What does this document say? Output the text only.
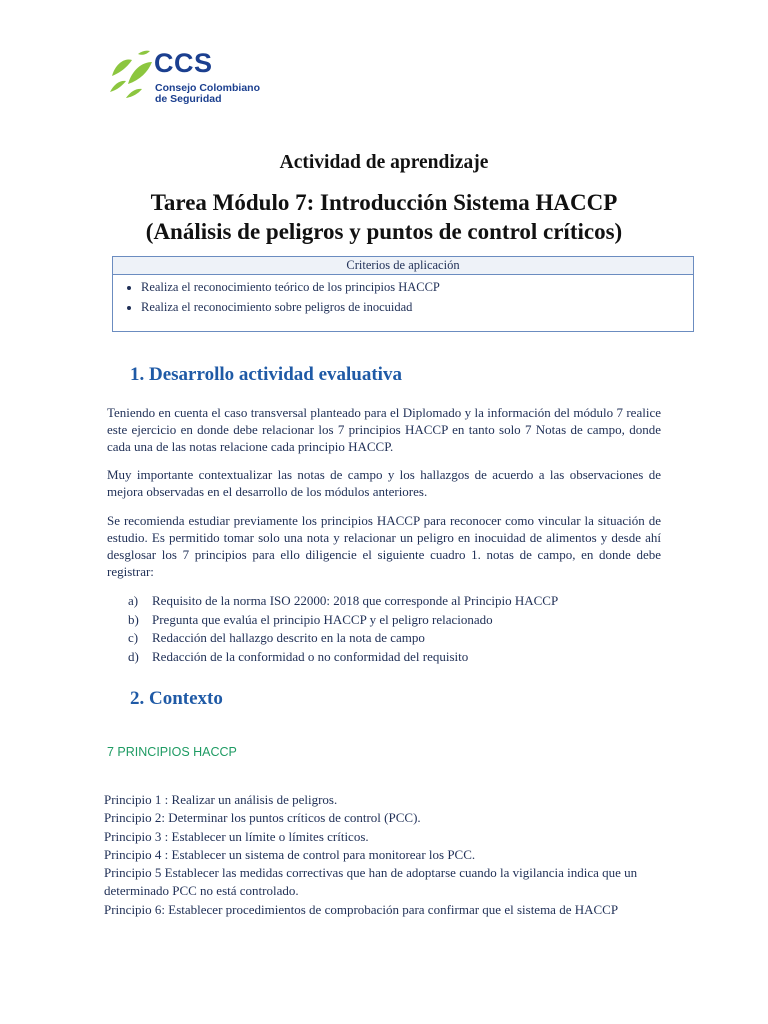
CCS
Consejo Colombiano
de Seguridad
Actividad de aprendizaje
Tarea Módulo 7: Introducción Sistema HACCP
(Análisis de peligros y puntos de control críticos)
Criterios de aplicación
• Realiza el reconocimiento teórico de los principios HACCP
• Realiza el reconocimiento sobre peligros de inocuidad
1. Desarrollo actividad evaluativa
Teniendo en cuenta el caso transversal planteado para el Diplomado y la información del módulo 7 realice este ejercicio en donde debe relacionar los 7 principios HACCP en tanto solo 7 Notas de campo, donde cada una de las notas relacione cada principio HACCP.
Muy importante contextualizar las notas de campo y los hallazgos de acuerdo a las observaciones de mejora observadas en el desarrollo de los módulos anteriores.
Se recomienda estudiar previamente los principios HACCP para reconocer como vincular la situación de estudio. Es permitido tomar solo una nota y relacionar un peligro en inocuidad de alimentos y desde ahí desglosar los 7 principios para ello diligencie el siguiente cuadro 1. notas de campo, en donde debe registrar:
a) Requisito de la norma ISO 22000: 2018 que corresponde al Principio HACCP
b) Pregunta que evalúa el principio HACCP y el peligro relacionado
c) Redacción del hallazgo descrito en la nota de campo
d) Redacción de la conformidad o no conformidad del requisito
2. Contexto
7 PRINCIPIOS HACCP
Principio 1 : Realizar un análisis de peligros.
Principio 2: Determinar los puntos críticos de control (PCC).
Principio 3 : Establecer un límite o límites críticos.
Principio 4 : Establecer un sistema de control para monitorear los PCC.
Principio 5 Establecer las medidas correctivas que han de adoptarse cuando la vigilancia indica que un determinado PCC no está controlado.
Principio 6: Establecer procedimientos de comprobación para confirmar que el sistema de HACCP
